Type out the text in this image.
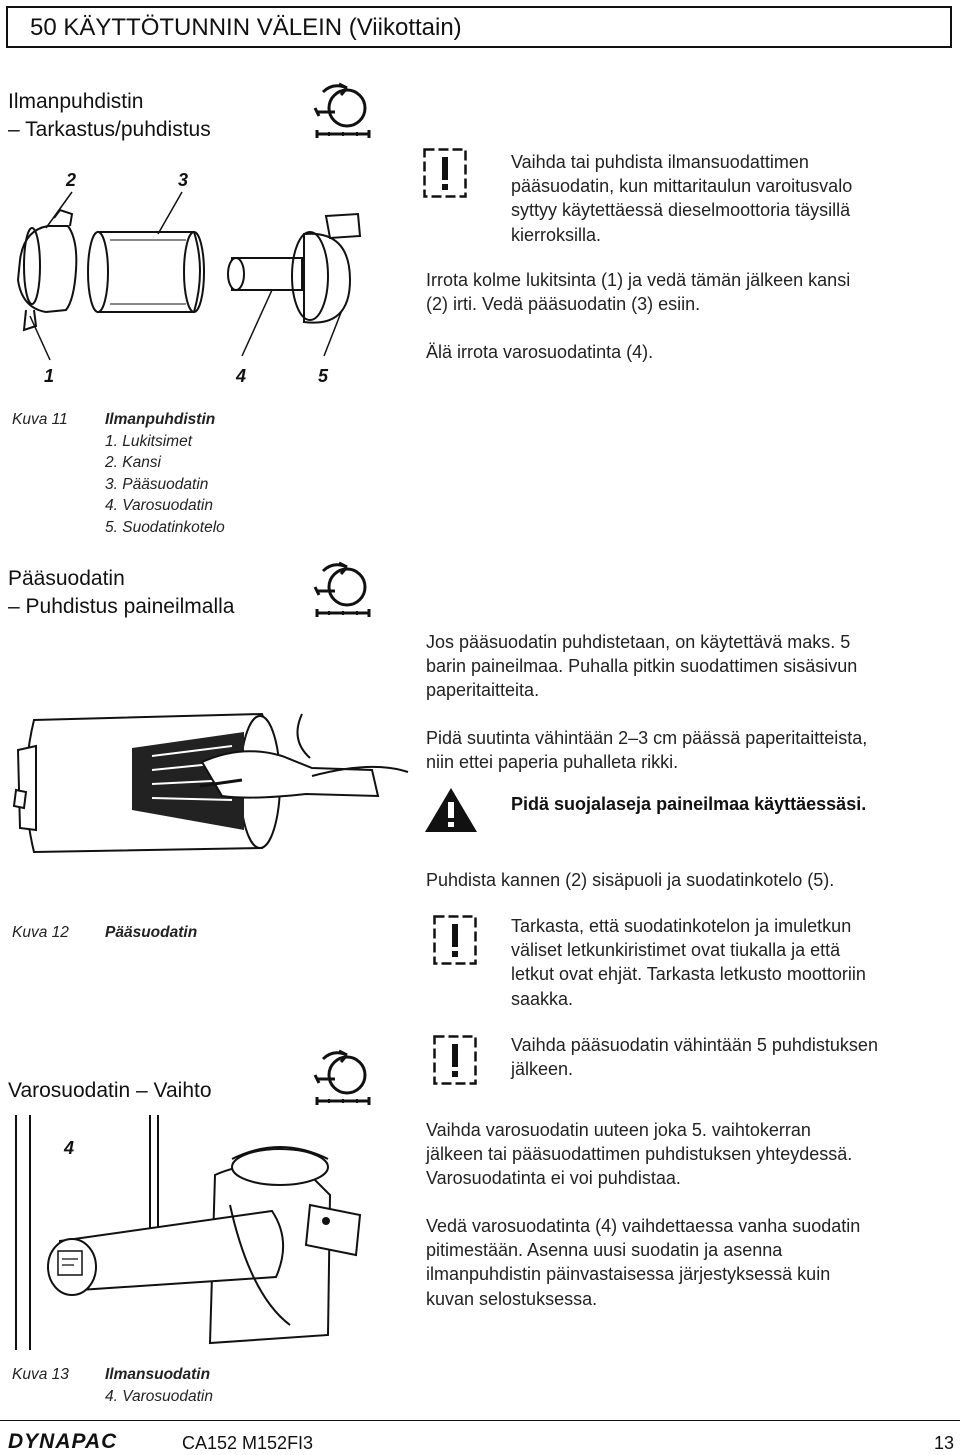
50 KÄYTTÖTUNNIN VÄLEIN (Viikottain)
Ilmanpuhdistin
– Tarkastus/puhdistus
2	3
1	4	5
Vaihda tai puhdista ilmansuodattimen
pääsuodatin, kun mittaritaulun varoitusvalo
syttyy käytettäessä dieselmoottoria täysillä
kierroksilla.
Irrota kolme lukitsinta (1) ja vedä tämän jälkeen kansi
(2) irti. Vedä pääsuodatin (3) esiin.
Älä irrota varosuodatinta (4).
Kuva 11 Ilmanpuhdistin
1. Lukitsimet
2. Kansi
3. Pääsuodatin
4. Varosuodatin
5. Suodatinkotelo
Pääsuodatin
– Puhdistus paineilmalla
Jos pääsuodatin puhdistetaan, on käytettävä maks. 5
barin paineilmaa. Puhalla pitkin suodattimen sisäsivun
paperitaitteita.
Pidä suutinta vähintään 2–3 cm päässä paperitaitteista,
niin ettei paperia puhalleta rikki.
Pidä suojalaseja paineilmaa käyttäessäsi.
Puhdista kannen (2) sisäpuoli ja suodatinkotelo (5).
Kuva 12 Pääsuodatin	Tarkasta, että suodatinkotelon ja imuletkun
väliset letkunkiristimet ovat tiukalla ja että
letkut ovat ehjät. Tarkasta letkusto moottoriin
saakka.
Vaihda pääsuodatin vähintään 5 puhdistuksen
jälkeen.
Varosuodatin – Vaihto
4
Vaihda varosuodatin uuteen joka 5. vaihtokerran
jälkeen tai pääsuodattimen puhdistuksen yhteydessä.
Varosuodatinta ei voi puhdistaa.
Vedä varosuodatinta (4) vaihdettaessa vanha suodatin
pitimestään. Asenna uusi suodatin ja asenna
ilmanpuhdistin päinvastaisessa järjestyksessä kuin
kuvan selostuksessa.
Kuva 13 Ilmansuodatin
4. Varosuodatin
DYNAPAC	CA152 M152FI3	13
